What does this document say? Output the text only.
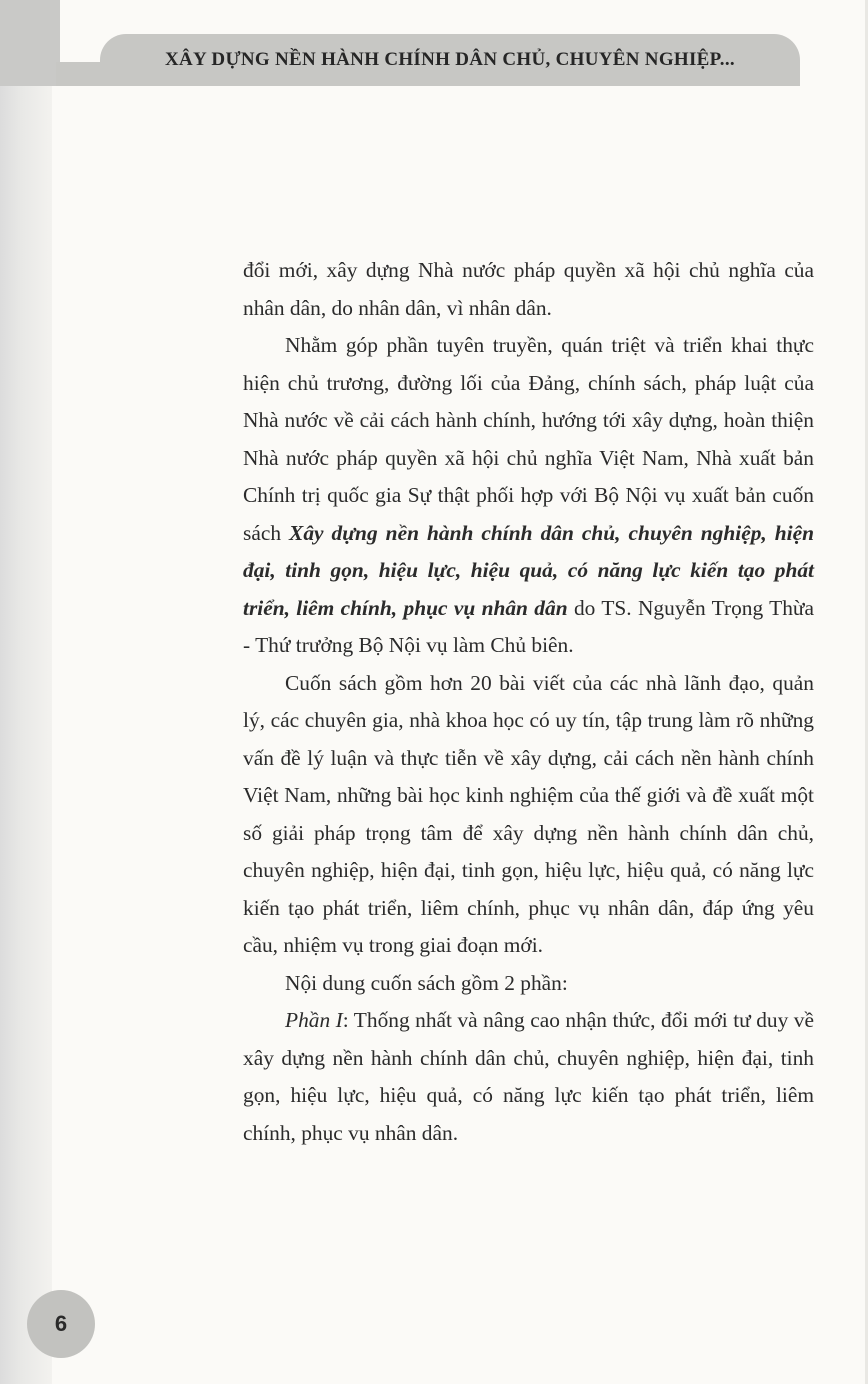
XÂY DỰNG NỀN HÀNH CHÍNH DÂN CHỦ, CHUYÊN NGHIỆP...

đổi mới, xây dựng Nhà nước pháp quyền xã hội chủ nghĩa của nhân dân, do nhân dân, vì nhân dân.

Nhằm góp phần tuyên truyền, quán triệt và triển khai thực hiện chủ trương, đường lối của Đảng, chính sách, pháp luật của Nhà nước về cải cách hành chính, hướng tới xây dựng, hoàn thiện Nhà nước pháp quyền xã hội chủ nghĩa Việt Nam, Nhà xuất bản Chính trị quốc gia Sự thật phối hợp với Bộ Nội vụ xuất bản cuốn sách Xây dựng nền hành chính dân chủ, chuyên nghiệp, hiện đại, tinh gọn, hiệu lực, hiệu quả, có năng lực kiến tạo phát triển, liêm chính, phục vụ nhân dân do TS. Nguyễn Trọng Thừa - Thứ trưởng Bộ Nội vụ làm Chủ biên.

Cuốn sách gồm hơn 20 bài viết của các nhà lãnh đạo, quản lý, các chuyên gia, nhà khoa học có uy tín, tập trung làm rõ những vấn đề lý luận và thực tiễn về xây dựng, cải cách nền hành chính Việt Nam, những bài học kinh nghiệm của thế giới và đề xuất một số giải pháp trọng tâm để xây dựng nền hành chính dân chủ, chuyên nghiệp, hiện đại, tinh gọn, hiệu lực, hiệu quả, có năng lực kiến tạo phát triển, liêm chính, phục vụ nhân dân, đáp ứng yêu cầu, nhiệm vụ trong giai đoạn mới.

Nội dung cuốn sách gồm 2 phần:

Phần I: Thống nhất và nâng cao nhận thức, đổi mới tư duy về xây dựng nền hành chính dân chủ, chuyên nghiệp, hiện đại, tinh gọn, hiệu lực, hiệu quả, có năng lực kiến tạo phát triển, liêm chính, phục vụ nhân dân.

6
